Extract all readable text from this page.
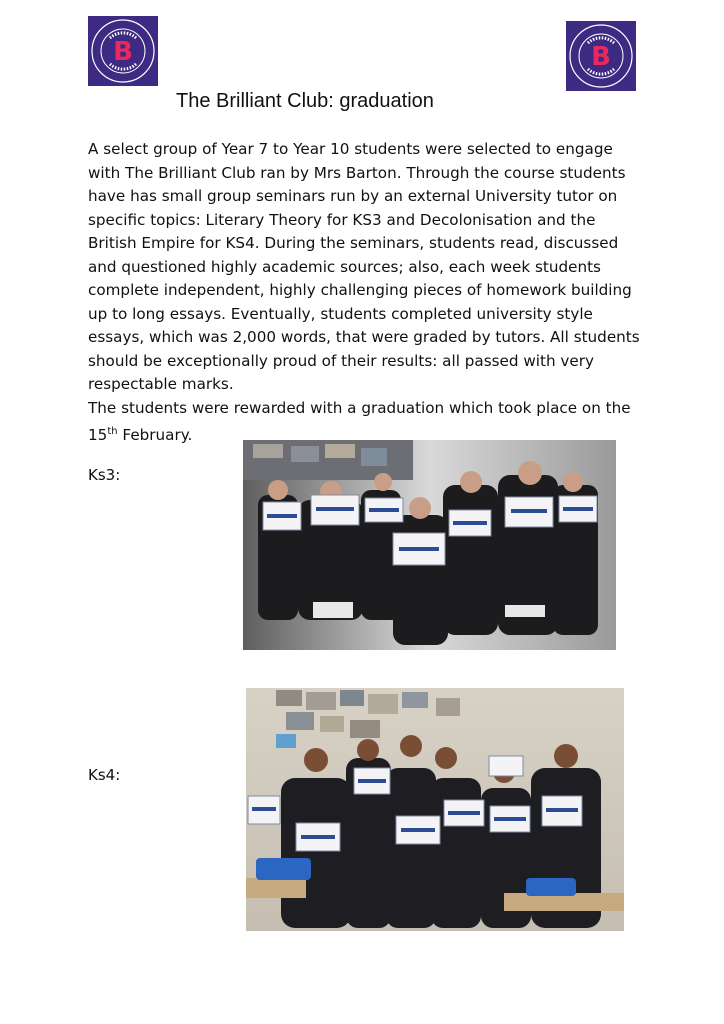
B	B
The Brilliant Club: graduation

A select group of Year 7 to Year 10 students were selected to engage with The Brilliant Club ran by Mrs Barton. Through the course students have has small group seminars run by an external University tutor on specific topics: Literary Theory for KS3 and Decolonisation and the British Empire for KS4. During the seminars, students read, discussed and questioned highly academic sources; also, each week students complete independent, highly challenging pieces of homework building up to long essays. Eventually, students completed university style essays, which was 2,000 words, that were graded by tutors. All students should be exceptionally proud of their results: all passed with very respectable marks.

The students were rewarded with a graduation which took place on the 15th February.

Ks3:
Ks4:
